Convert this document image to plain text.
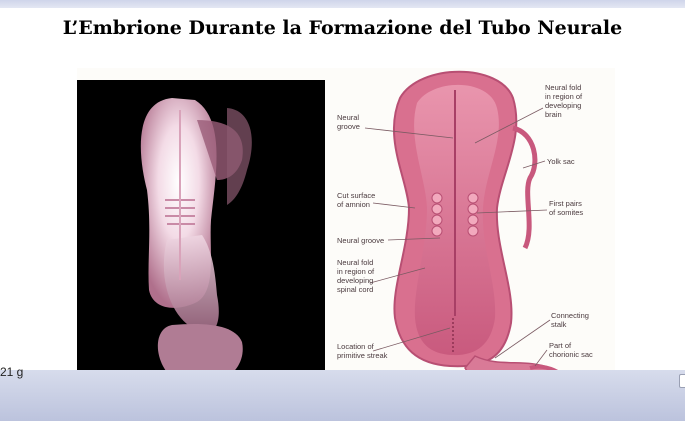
L’Embrione Durante la Formazione del Tubo Neurale
Neural groove
Neural fold in region of developing brain
Yolk sac
Cut surface of amnion	First pairs of somites
Neural groove
Neural fold in region of developing spinal cord
Connecting stalk
Location of primitive streak
Part of chorionic sac
21 g
